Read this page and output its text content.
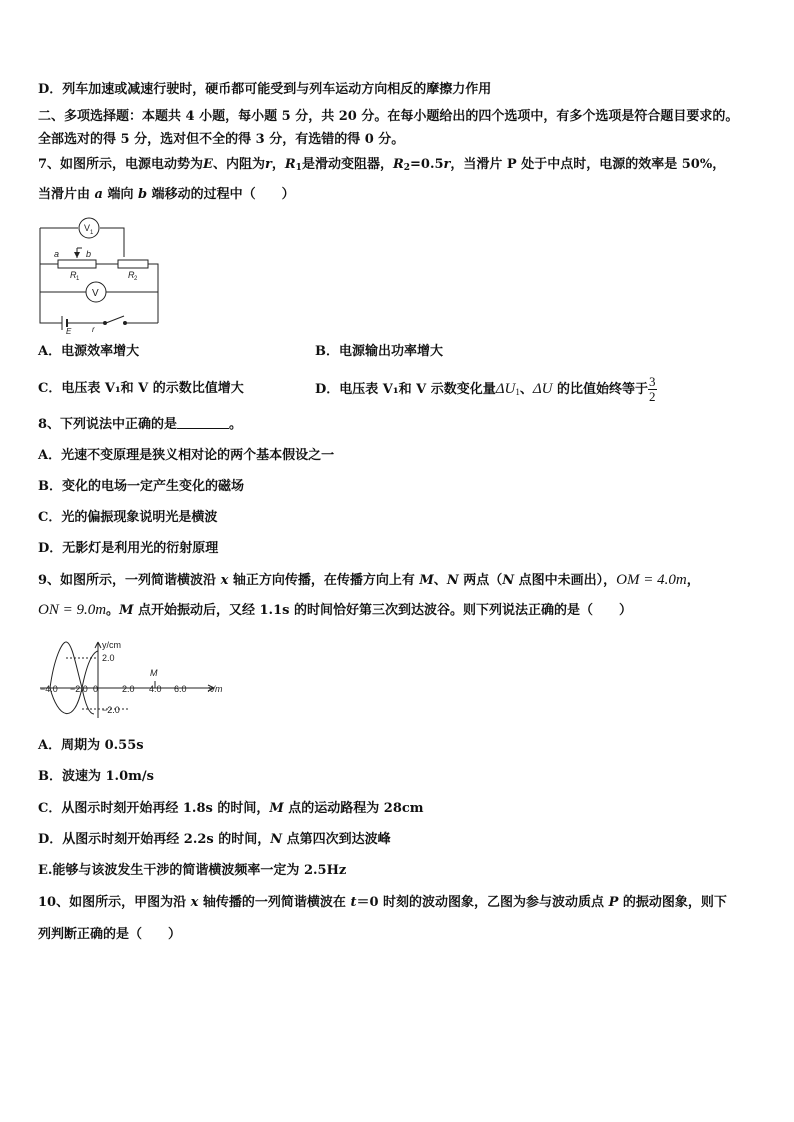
D．列车加速或减速行驶时，硬币都可能受到与列车运动方向相反的摩擦力作用
二、多项选择题：本题共 4 小题，每小题 5 分，共 20 分。在每小题给出的四个选项中，有多个选项是符合题目要求的。
全部选对的得 5 分，选对但不全的得 3 分，有选错的得 0 分。
7、如图所示，电源电动势为E、内阻为r，$R_1$是滑动变阻器，$R_2=0.5r$，当滑片 P 处于中点时，电源的效率是 50%，
当滑片由 a 端向 b 端移动的过程中（　　）
V 1
a	b
R 1	R 2
V
E	r
A．电源效率增大	B．电源输出功率增大
C．电压表 V₁和 V 的示数比值增大	D．电压表 V₁和 V 示数变化量$\Delta U_1$、ΔU 的比值始终等于 $\frac{3}{2}$
8、下列说法中正确的是	。
A．光速不变原理是狭义相对论的两个基本假设之一
B．变化的电场一定产生变化的磁场
C．光的偏振现象说明光是横波
D．无影灯是利用光的衍射原理
9、如图所示，一列简谐横波沿 x 轴正方向传播，在传播方向上有 M、N 两点（N 点图中未画出），OM = 4.0m，
ON = 9.0m。M 点开始振动后，又经 1.1s 的时间恰好第三次到达波谷。则下列说法正确的是（　　）
y/cm
2.0
−2.0
M
−4.0 −2.0 0	2.0 4.0 6.0 x/m
A．周期为 0.55s
B．波速为 1.0m/s
C．从图示时刻开始再经 1.8s 的时间，M 点的运动路程为 28cm
D．从图示时刻开始再经 2.2s 的时间，N 点第四次到达波峰
E.能够与该波发生干涉的简谐横波频率一定为 2.5Hz
10、如图所示，甲图为沿 x 轴传播的一列简谐横波在 t＝0 时刻的波动图象，乙图为参与波动质点 P 的振动图象，则下
列判断正确的是（　　）
